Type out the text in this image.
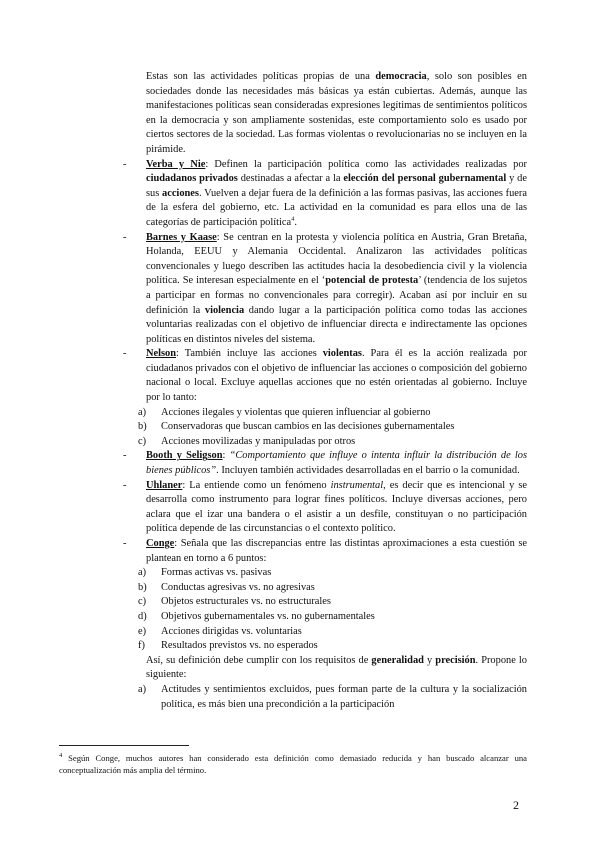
Estas son las actividades políticas propias de una democracia, solo son posibles en sociedades donde las necesidades más básicas ya están cubiertas. Además, aunque las manifestaciones políticas sean consideradas expresiones legítimas de sentimientos políticos en la democracia y son ampliamente sostenidas, este comportamiento solo es usado por ciertos sectores de la sociedad. Las formas violentas o revolucionarias no se incluyen en la pirámide.

- Verba y Nie: Definen la participación política como las actividades realizadas por ciudadanos privados destinadas a afectar a la elección del personal gubernamental y de sus acciones. Vuelven a dejar fuera de la definición a las formas pasivas, las acciones fuera de la esfera del gobierno, etc. La actividad en la comunidad es para ellos una de las categorías de participación política$^4$.
- Barnes y Kaase: Se centran en la protesta y violencia política en Austria, Gran Bretaña, Holanda, EEUU y Alemania Occidental. Analizaron las actividades políticas convencionales y luego describen las actitudes hacia la desobediencia civil y la violencia política. Se interesan especialmente en el ‘potencial de protesta’ (tendencia de los sujetos a participar en formas no convencionales para corregir). Acaban así por incluir en su definición la violencia dando lugar a la participación política como todas las acciones voluntarias realizadas con el objetivo de influenciar directa e indirectamente las opciones políticas en distintos niveles del sistema.
- Nelson: También incluye las acciones violentas. Para él es la acción realizada por ciudadanos privados con el objetivo de influenciar las acciones o composición del gobierno nacional o local. Excluye aquellas acciones que no estén orientadas al gobierno. Incluye por lo tanto:
a) Acciones ilegales y violentas que quieren influenciar al gobierno
b) Conservadoras que buscan cambios en las decisiones gubernamentales
c) Acciones movilizadas y manipuladas por otros
- Booth y Seligson: “Comportamiento que influye o intenta influir la distribución de los bienes públicos”. Incluyen también actividades desarrolladas en el barrio o la comunidad.
- Uhlaner: La entiende como un fenómeno instrumental, es decir que es intencional y se desarrolla como instrumento para lograr fines políticos. Incluye diversas acciones, pero aclara que el izar una bandera o el asistir a un desfile, constituyan o no participación política depende de las circunstancias o el contexto político.
- Conge: Señala que las discrepancias entre las distintas aproximaciones a esta cuestión se plantean en torno a 6 puntos:
a) Formas activas vs. pasivas
b) Conductas agresivas vs. no agresivas
c) Objetos estructurales vs. no estructurales
d) Objetivos gubernamentales vs. no gubernamentales
e) Acciones dirigidas vs. voluntarias
f) Resultados previstos vs. no esperados

Así, su definición debe cumplir con los requisitos de generalidad y precisión. Propone lo siguiente:

a) Actitudes y sentimientos excluidos, pues forman parte de la cultura y la socialización política, es más bien una precondición a la participación
$^4$ Según Conge, muchos autores han considerado esta definición como demasiado reducida y han buscado alcanzar una conceptualización más amplia del término.
2
